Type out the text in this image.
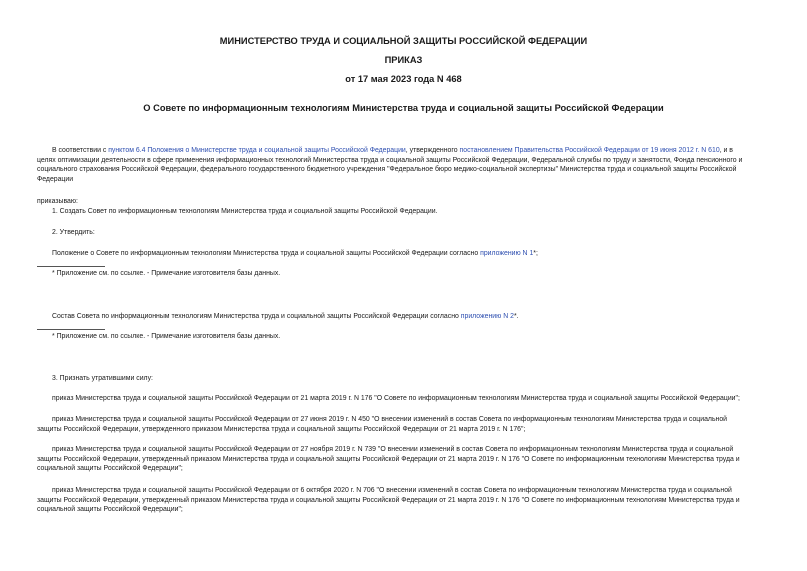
МИНИСТЕРСТВО ТРУДА И СОЦИАЛЬНОЙ ЗАЩИТЫ РОССИЙСКОЙ ФЕДЕРАЦИИ
ПРИКАЗ
от 17 мая 2023 года N 468
О Совете по информационным технологиям Министерства труда и социальной защиты Российской Федерации
В соответствии с пунктом 6.4 Положения о Министерстве труда и социальной защиты Российской Федерации, утвержденного постановлением Правительства Российской Федерации от 19 июня 2012 г. N 610, и в
целях оптимизации деятельности в сфере применения информационных технологий Министерства труда и социальной защиты Российской Федерации, Федеральной службы по труду и занятости, Фонда пенсионного и
социального страхования Российской Федерации, федерального государственного бюджетного учреждения "Федеральное бюро медико-социальной экспертизы" Министерства труда и социальной защиты Российской
Федерации
приказываю:
1. Создать Совет по информационным технологиям Министерства труда и социальной защиты Российской Федерации.
2. Утвердить:
Положение о Совете по информационным технологиям Министерства труда и социальной защиты Российской Федерации согласно приложению N 1*;
* Приложение см. по ссылке. - Примечание изготовителя базы данных.
Состав Совета по информационным технологиям Министерства труда и социальной защиты Российской Федерации согласно приложению N 2*.
* Приложение см. по ссылке. - Примечание изготовителя базы данных.
3. Признать утратившими силу:
приказ Министерства труда и социальной защиты Российской Федерации от 21 марта 2019 г. N 176 "О Совете по информационным технологиям Министерства труда и социальной защиты Российской Федерации";
приказ Министерства труда и социальной защиты Российской Федерации от 27 июня 2019 г. N 450 "О внесении изменений в состав Совета по информационным технологиям Министерства труда и социальной
защиты Российской Федерации, утвержденного приказом Министерства труда и социальной защиты Российской Федерации от 21 марта 2019 г. N 176";
приказ Министерства труда и социальной защиты Российской Федерации от 27 ноября 2019 г. N 739 "О внесении изменений в состав Совета по информационным технологиям Министерства труда и социальной
защиты Российской Федерации, утвержденный приказом Министерства труда и социальной защиты Российской Федерации от 21 марта 2019 г. N 176 "О Совете по информационным технологиям Министерства труда и
социальной защиты Российской Федерации";
приказ Министерства труда и социальной защиты Российской Федерации от 6 октября 2020 г. N 706 "О внесении изменений в состав Совета по информационным технологиям Министерства труда и социальной
защиты Российской Федерации, утвержденный приказом Министерства труда и социальной защиты Российской Федерации от 21 марта 2019 г. N 176 "О Совете по информационным технологиям Министерства труда и
социальной защиты Российской Федерации";
